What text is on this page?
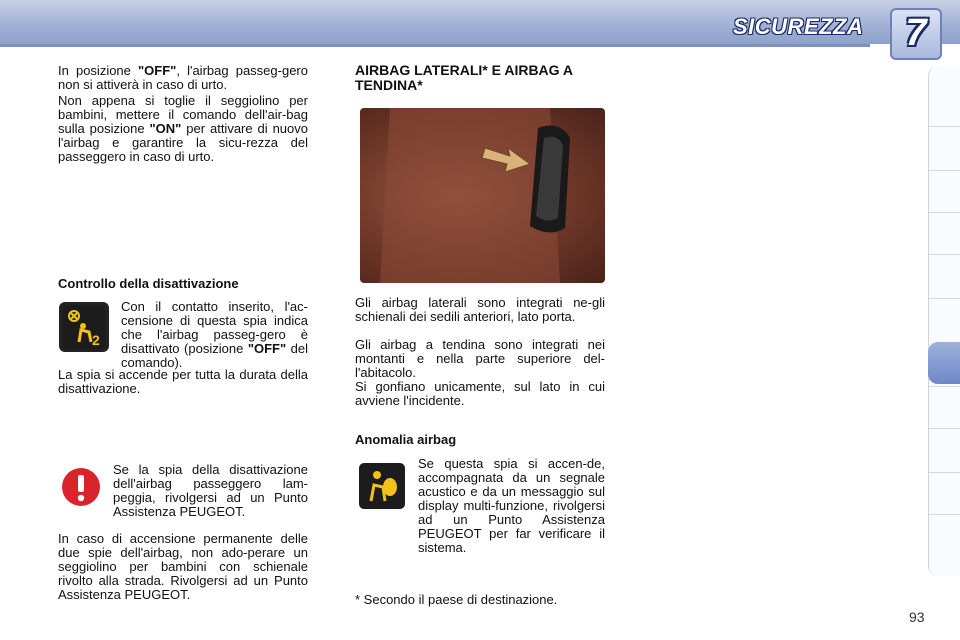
SICUREZZA	7
In posizione "OFF", l'airbag passeg-gero non si attiverà in caso di urto.
Non appena si toglie il seggiolino per bambini, mettere il comando dell'air-bag sulla posizione "ON" per attivare di nuovo l'airbag e garantire la sicu-rezza del passeggero in caso di urto.
Controllo della disattivazione
2
Con il contatto inserito, l'ac-censione di questa spia indica che l'airbag passeg-gero è disattivato (posizione "OFF" del comando).
La spia si accende per tutta la durata della disattivazione.
Se la spia della disattivazione dell'airbag passeggero lam-peggia, rivolgersi ad un Punto Assistenza PEUGEOT.
In caso di accensione permanente delle due spie dell'airbag, non ado-perare un seggiolino per bambini con schienale rivolto alla strada. Rivolgersi ad un Punto Assistenza PEUGEOT.
AIRBAG LATERALI* E AIRBAG A TENDINA*
Gli airbag laterali sono integrati ne-gli schienali dei sedili anteriori, lato porta.
Gli airbag a tendina sono integrati nei montanti e nella parte superiore del-l'abitacolo.
Si gonfiano unicamente, sul lato in cui avviene l'incidente.
Anomalia airbag
Se questa spia si accen-de, accompagnata da un segnale acustico e da un messaggio sul display multi-funzione, rivolgersi ad un Punto Assistenza PEUGEOT per far verificare il sistema.
* Secondo il paese di destinazione.
93
